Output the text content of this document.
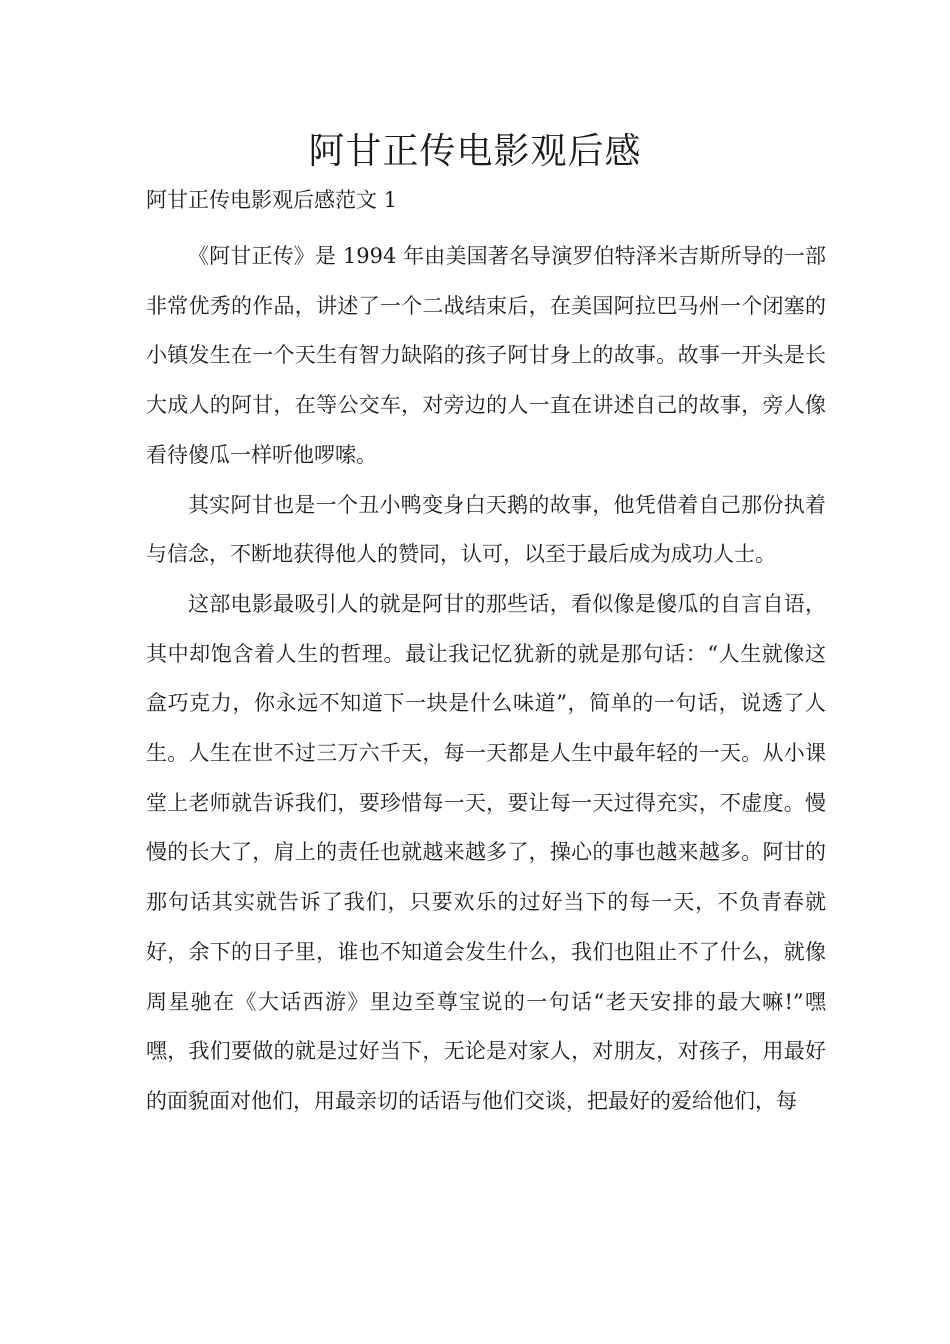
阿甘正传电影观后感
阿甘正传电影观后感范文 1

《阿甘正传》是 1994 年由美国著名导演罗伯特泽米吉斯所导的一部非常优秀的作品，讲述了一个二战结束后，在美国阿拉巴马州一个闭塞的小镇发生在一个天生有智力缺陷的孩子阿甘身上的故事。故事一开头是长大成人的阿甘，在等公交车，对旁边的人一直在讲述自己的故事，旁人像看待傻瓜一样听他啰嗦。

其实阿甘也是一个丑小鸭变身白天鹅的故事，他凭借着自己那份执着与信念，不断地获得他人的赞同，认可，以至于最后成为成功人士。

这部电影最吸引人的就是阿甘的那些话，看似像是傻瓜的自言自语，其中却饱含着人生的哲理。最让我记忆犹新的就是那句话：“人生就像这盒巧克力，你永远不知道下一块是什么味道”，简单的一句话，说透了人生。人生在世不过三万六千天，每一天都是人生中最年轻的一天。从小课堂上老师就告诉我们，要珍惜每一天，要让每一天过得充实，不虚度。慢慢的长大了，肩上的责任也就越来越多了，操心的事也越来越多。阿甘的那句话其实就告诉了我们，只要欢乐的过好当下的每一天，不负青春就好，余下的日子里，谁也不知道会发生什么，我们也阻止不了什么，就像周星驰在《大话西游》里边至尊宝说的一句话“老天安排的最大嘛!”嘿嘿，我们要做的就是过好当下，无论是对家人，对朋友，对孩子，用最好的面貌面对他们，用最亲切的话语与他们交谈，把最好的爱给他们，每
